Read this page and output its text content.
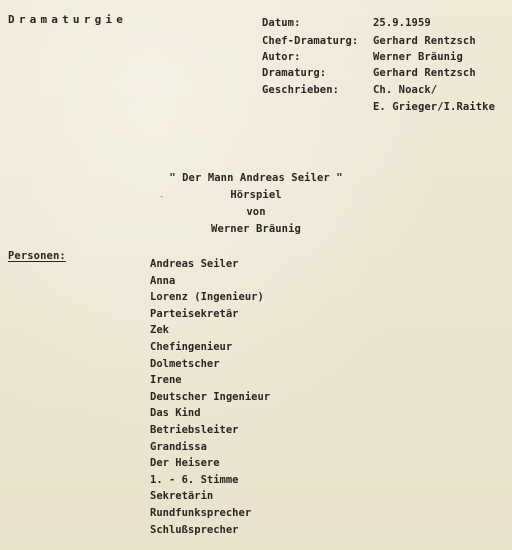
Dramaturgie	Datum:	25.9.1959
Chef-Dramaturg: Gerhard Rentzsch
Autor:	Werner Bräunig
Dramaturg:	Gerhard Rentzsch
Geschrieben:	Ch. Noack/
E. Grieger/I.Raitke
" Der Mann Andreas Seiler "
-	Hörspiel
von
Werner Bräunig
Personen:
Andreas Seiler
Anna
Lorenz (Ingenieur)
Parteisekretär
Zek
Chefingenieur
Dolmetscher
Irene
Deutscher Ingenieur
Das Kind
Betriebsleiter
Grandissa
Der Heisere
1. - 6. Stimme
Sekretärin
Rundfunksprecher
Schlußsprecher
